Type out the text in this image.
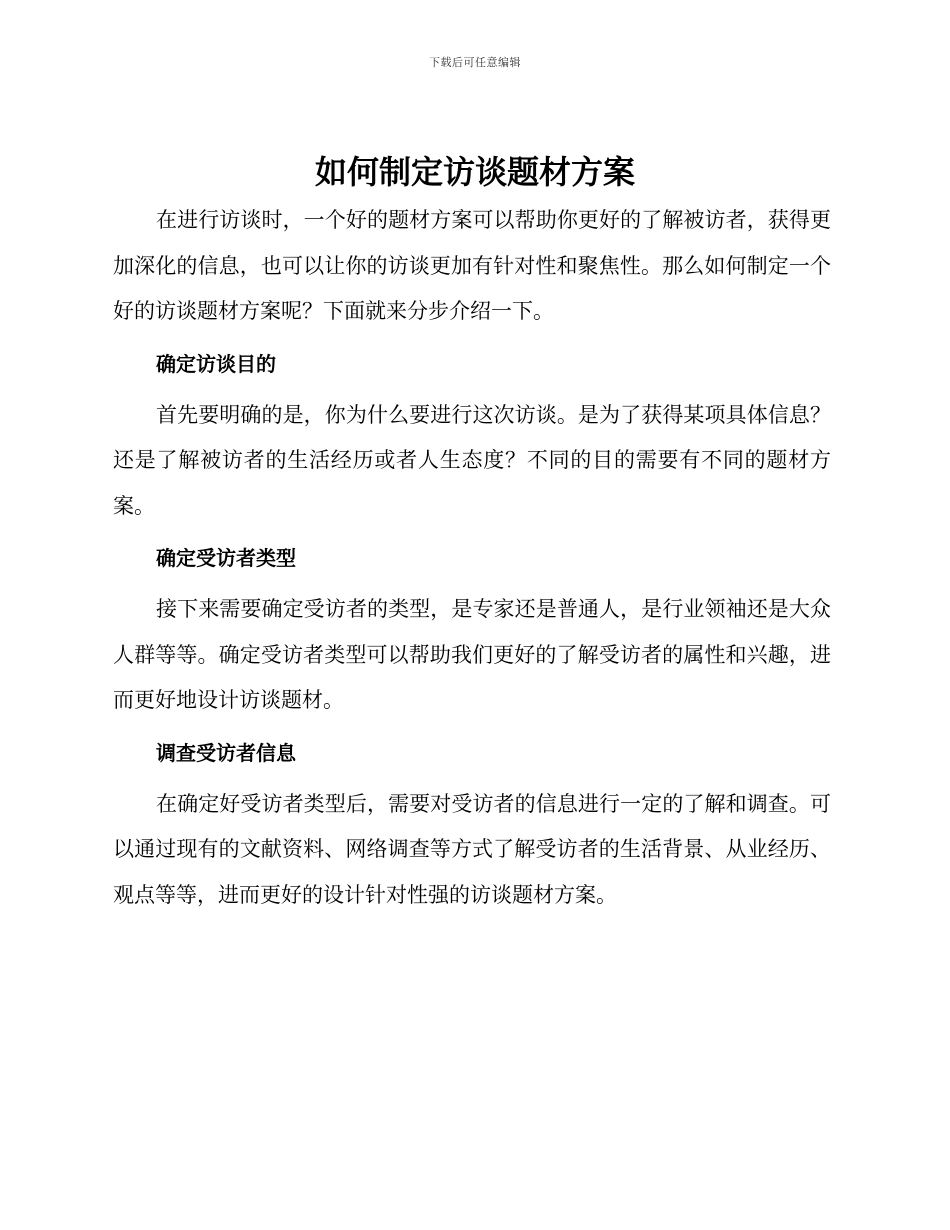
下载后可任意编辑
如何制定访谈题材方案

在进行访谈时，一个好的题材方案可以帮助你更好的了解被访者，获得更加深化的信息，也可以让你的访谈更加有针对性和聚焦性。那么如何制定一个好的访谈题材方案呢？下面就来分步介绍一下。

确定访谈目的

首先要明确的是，你为什么要进行这次访谈。是为了获得某项具体信息？还是了解被访者的生活经历或者人生态度？不同的目的需要有不同的题材方案。

确定受访者类型

接下来需要确定受访者的类型，是专家还是普通人，是行业领袖还是大众人群等等。确定受访者类型可以帮助我们更好的了解受访者的属性和兴趣，进而更好地设计访谈题材。

调查受访者信息

在确定好受访者类型后，需要对受访者的信息进行一定的了解和调查。可以通过现有的文献资料、网络调查等方式了解受访者的生活背景、从业经历、观点等等，进而更好的设计针对性强的访谈题材方案。
